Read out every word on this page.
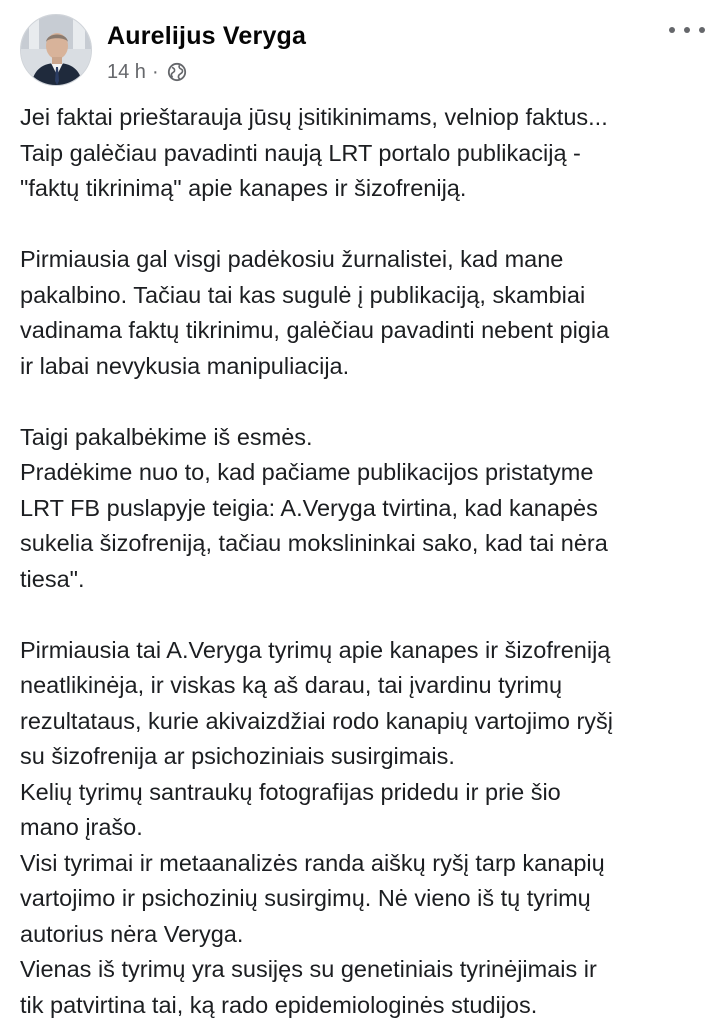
Aurelijus Veryga
14 h ·
Jei faktai prieštarauja jūsų įsitikinimams, velniop faktus...
Taip galėčiau pavadinti naują LRT portalo publikaciją -
"faktų tikrinimą" apie kanapes ir šizofreniją.
Pirmiausia gal visgi padėkosiu žurnalistei, kad mane
pakalbino. Tačiau tai kas sugulė į publikaciją, skambiai
vadinama faktų tikrinimu, galėčiau pavadinti nebent pigia
ir labai nevykusia manipuliacija.
Taigi pakalbėkime iš esmės.
Pradėkime nuo to, kad pačiame publikacijos pristatyme
LRT FB puslapyje teigia: A.Veryga tvirtina, kad kanapės
sukelia šizofreniją, tačiau mokslininkai sako, kad tai nėra
tiesa".
Pirmiausia tai A.Veryga tyrimų apie kanapes ir šizofreniją
neatlikinėja, ir viskas ką aš darau, tai įvardinu tyrimų
rezultataus, kurie akivaizdžiai rodo kanapių vartojimo ryšį
su šizofrenija ar psichoziniais susirgimais.
Kelių tyrimų santraukų fotografijas pridedu ir prie šio
mano įrašo.
Visi tyrimai ir metaanalizės randa aiškų ryšį tarp kanapių
vartojimo ir psichozinių susirgimų. Nė vieno iš tų tyrimų
autorius nėra Veryga.
Vienas iš tyrimų yra susijęs su genetiniais tyrinėjimais ir
tik patvirtina tai, ką rado epidemiologinės studijos.
